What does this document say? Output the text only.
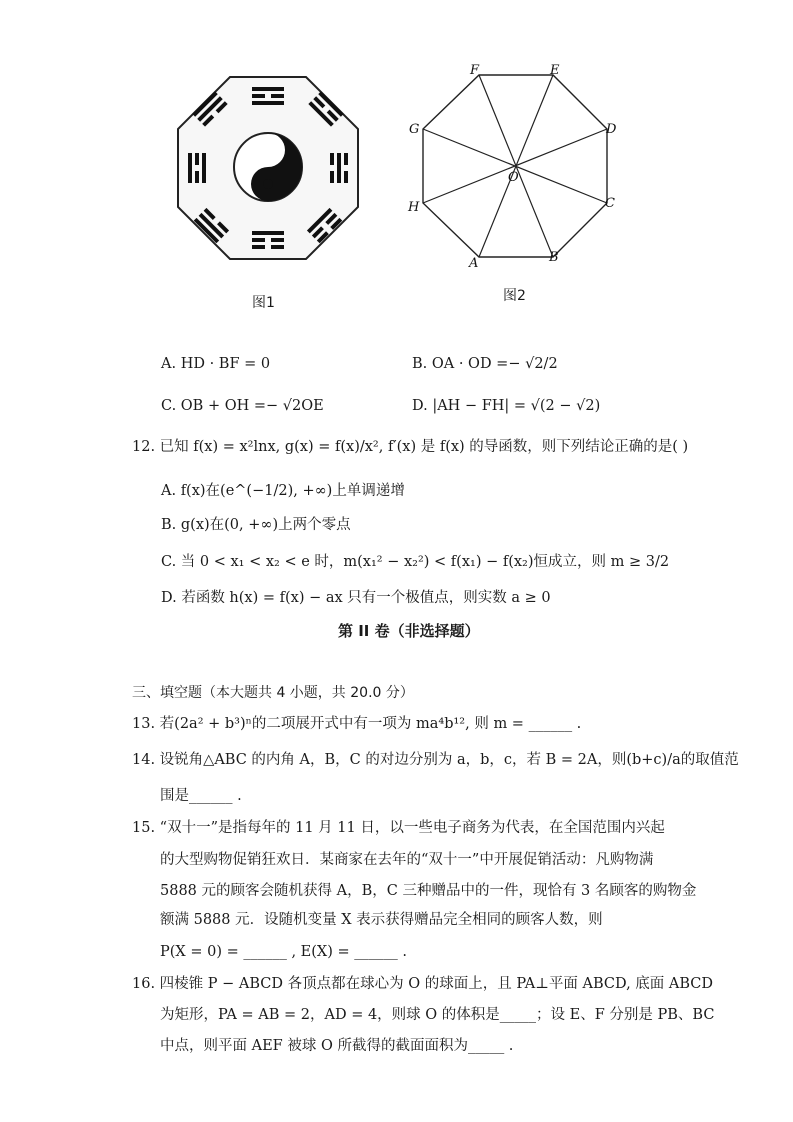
图1
F	E
G	D
O
H	C
A	B
图2
A. HD · BF = 0	B. OA · OD =− √2/2
C. OB + OH =− √2OE	D. |AH − FH| = √(2 − √2)
12. 已知 f(x) = x²lnx, g(x) = f(x)/x², f′(x) 是 f(x) 的导函数，则下列结论正确的是( )
A. f(x)在(e^(−1/2), +∞)上单调递增
B. g(x)在(0, +∞)上两个零点
C. 当 0 < x₁ < x₂ < e 时，m(x₁² − x₂²) < f(x₁) − f(x₂)恒成立，则 m ≥ 3/2
D. 若函数 h(x) = f(x) − ax 只有一个极值点，则实数 a ≥ 0
第 II 卷（非选择题）
三、填空题（本大题共 4 小题，共 20.0 分）
13. 若(2a² + b³)ⁿ的二项展开式中有一项为 ma⁴b¹², 则 m = ______ .
14. 设锐角△ABC 的内角 A，B，C 的对边分别为 a，b，c，若 B = 2A，则(b+c)/a的取值范
围是______ .
15. “双十一”是指每年的 11 月 11 日，以一些电子商务为代表，在全国范围内兴起
的大型购物促销狂欢日．某商家在去年的“双十一”中开展促销活动：凡购物满
5888 元的顾客会随机获得 A，B，C 三种赠品中的一件，现恰有 3 名顾客的购物金
额满 5888 元．设随机变量 X 表示获得赠品完全相同的顾客人数，则
P(X = 0) = ______ , E(X) = ______ .
16. 四棱锥 P − ABCD 各顶点都在球心为 O 的球面上，且 PA⊥平面 ABCD, 底面 ABCD
为矩形，PA = AB = 2，AD = 4，则球 O 的体积是_____；设 E、F 分别是 PB、BC
中点，则平面 AEF 被球 O 所截得的截面面积为_____ .
